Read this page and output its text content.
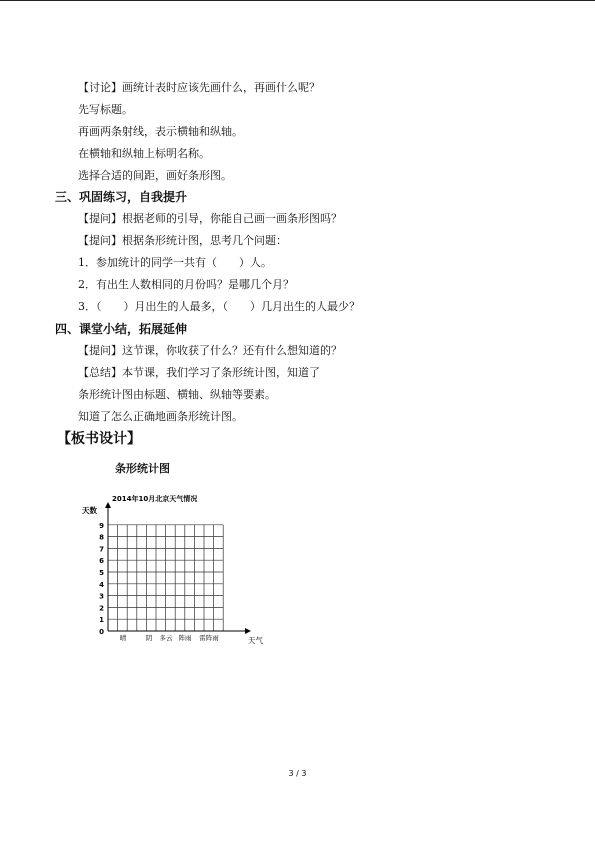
【讨论】画统计表时应该先画什么，再画什么呢？
先写标题。
再画两条射线，表示横轴和纵轴。
在横轴和纵轴上标明名称。
选择合适的间距，画好条形图。
三、巩固练习，自我提升
【提问】根据老师的引导，你能自己画一画条形图吗？
【提问】根据条形统计图，思考几个问题：
1．参加统计的同学一共有（　　）人。
2．有出生人数相同的月份吗？是哪几个月？
3．（　　）月出生的人最多，（　　）几月出生的人最少？
四、课堂小结，拓展延伸
【提问】这节课，你收获了什么？还有什么想知道的？
【总结】本节课，我们学习了条形统计图，知道了
条形统计图由标题、横轴、纵轴等要素。
知道了怎么正确地画条形统计图。
【板书设计】
条形统计图
0
1
2
3
4
5
6
7
8
9
晴	阴 多云 阵雨 雷阵雨
2014年10月北京天气情况
天数
天气
3 / 3
